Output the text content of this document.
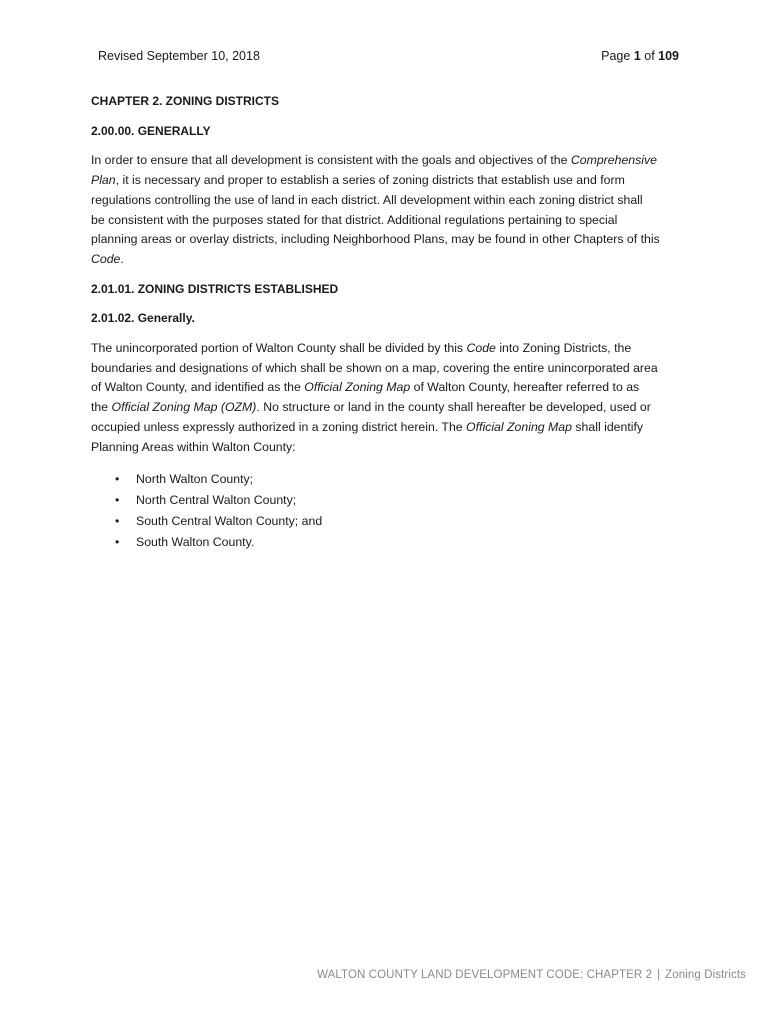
Revised September 10, 2018	Page 1 of 109
CHAPTER 2. ZONING DISTRICTS
2.00.00. GENERALLY

In order to ensure that all development is consistent with the goals and objectives of the Comprehensive
Plan, it is necessary and proper to establish a series of zoning districts that establish use and form
regulations controlling the use of land in each district. All development within each zoning district shall
be consistent with the purposes stated for that district. Additional regulations pertaining to special
planning areas or overlay districts, including Neighborhood Plans, may be found in other Chapters of this
Code.

2.01.01. ZONING DISTRICTS ESTABLISHED
2.01.02. Generally.

The unincorporated portion of Walton County shall be divided by this Code into Zoning Districts, the
boundaries and designations of which shall be shown on a map, covering the entire unincorporated area
of Walton County, and identified as the Official Zoning Map of Walton County, hereafter referred to as
the Official Zoning Map (OZM). No structure or land in the county shall hereafter be developed, used or
occupied unless expressly authorized in a zoning district herein. The Official Zoning Map shall identify
Planning Areas within Walton County:

• North Walton County;
• North Central Walton County;
• South Central Walton County; and
• South Walton County.
WALTON COUNTY LAND DEVELOPMENT CODE: CHAPTER 2 | Zoning Districts
